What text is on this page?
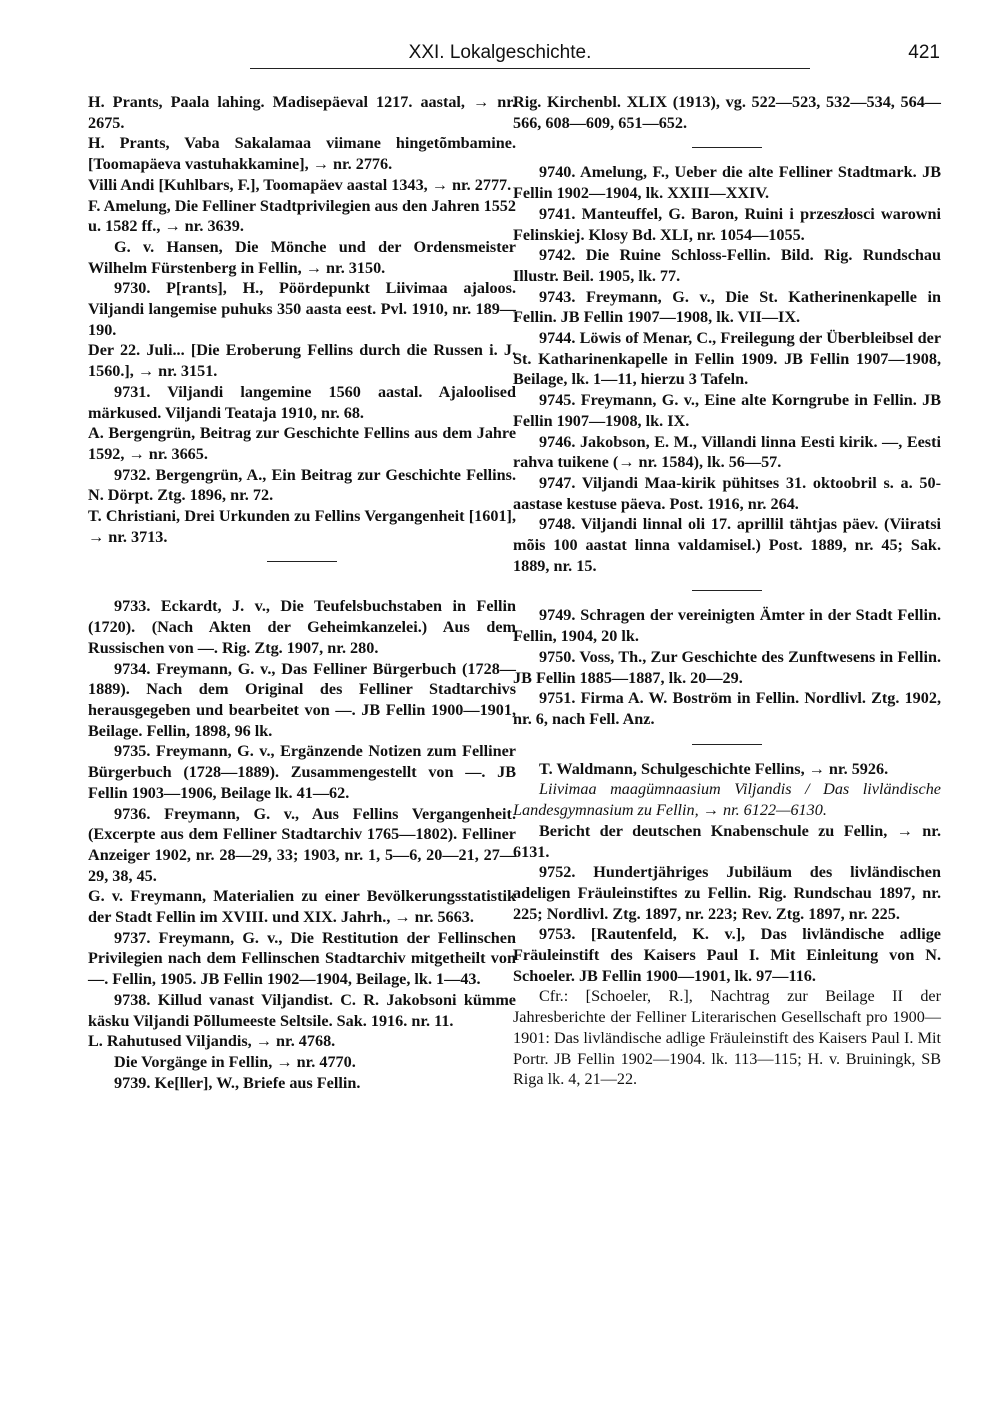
XXI. Lokalgeschichte.	421

H. Prants, Paala lahing. Madisepäeval 1217. aastal, → nr. 2675.

H. Prants, Vaba Sakalamaa viimane hingetõmbamine. [Toomapäeva vastuhakkamine], → nr. 2776.

Villi Andi [Kuhlbars, F.], Toomapäev aastal 1343, → nr. 2777.

F. Amelung, Die Felliner Stadtprivilegien aus den Jahren 1552 u. 1582 ff., → nr. 3639.

G. v. Hansen, Die Mönche und der Ordensmeister Wilhelm Fürstenberg in Fellin, → nr. 3150.

9730. P[rants], H., Pöördepunkt Liivimaa ajaloos. Viljandi langemise puhuks 350 aasta eest. Pvl. 1910, nr. 189—190.

Der 22. Juli... [Die Eroberung Fellins durch die Russen i. J. 1560.], → nr. 3151.

9731. Viljandi langemine 1560 aastal. Ajaloolised märkused. Viljandi Teataja 1910, nr. 68.

A. Bergengrün, Beitrag zur Geschichte Fellins aus dem Jahre 1592, → nr. 3665.

9732. Bergengrün, A., Ein Beitrag zur Geschichte Fellins. N. Dörpt. Ztg. 1896, nr. 72.

T. Christiani, Drei Urkunden zu Fellins Vergangenheit [1601], → nr. 3713.

9733. Eckardt, J. v., Die Teufelsbuchstaben in Fellin (1720). (Nach Akten der Geheimkanzelei.) Aus dem Russischen von —. Rig. Ztg. 1907, nr. 280.

9734. Freymann, G. v., Das Felliner Bürgerbuch (1728—1889). Nach dem Original des Felliner Stadtarchivs herausgegeben und bearbeitet von —. JB Fellin 1900—1901, Beilage. Fellin, 1898, 96 lk.

9735. Freymann, G. v., Ergänzende Notizen zum Felliner Bürgerbuch (1728—1889). Zusammengestellt von —. JB Fellin 1903—1906, Beilage lk. 41—62.

9736. Freymann, G. v., Aus Fellins Vergangenheit. (Excerpte aus dem Felliner Stadtarchiv 1765—1802). Felliner Anzeiger 1902, nr. 28—29, 33; 1903, nr. 1, 5—6, 20—21, 27—29, 38, 45.

G. v. Freymann, Materialien zu einer Bevölkerungsstatistik der Stadt Fellin im XVIII. und XIX. Jahrh., → nr. 5663.

9737. Freymann, G. v., Die Restitution der Fellinschen Privilegien nach dem Fellinschen Stadtarchiv mitgetheilt von —. Fellin, 1905. JB Fellin 1902—1904, Beilage, lk. 1—43.

9738. Killud vanast Viljandist. C. R. Jakobsoni kümme käsku Viljandi Põllumeeste Seltsile. Sak. 1916. nr. 11.

L. Rahutused Viljandis, → nr. 4768.

Die Vorgänge in Fellin, → nr. 4770.

9739. Ke[ller], W., Briefe aus Fellin.

Rig. Kirchenbl. XLIX (1913), vg. 522—523, 532—534, 564—566, 608—609, 651—652.

9740. Amelung, F., Ueber die alte Felliner Stadtmark. JB Fellin 1902—1904, lk. XXIII—XXIV.

9741. Manteuffel, G. Baron, Ruini i przeszłosci warowni Felinskiej. Klosy Bd. XLI, nr. 1054—1055.

9742. Die Ruine Schloss-Fellin. Bild. Rig. Rundschau Illustr. Beil. 1905, lk. 77.

9743. Freymann, G. v., Die St. Katherinenkapelle in Fellin. JB Fellin 1907—1908, lk. VII—IX.

9744. Löwis of Menar, C., Freilegung der Überbleibsel der St. Katharinenkapelle in Fellin 1909. JB Fellin 1907—1908, Beilage, lk. 1—11, hierzu 3 Tafeln.

9745. Freymann, G. v., Eine alte Korngrube in Fellin. JB Fellin 1907—1908, lk. IX.

9746. Jakobson, E. M., Villandi linna Eesti kirik. —, Eesti rahva tuikene (→ nr. 1584), lk. 56—57.

9747. Viljandi Maa-kirik pühitses 31. oktoobril s. a. 50-aastase kestuse päeva. Post. 1916, nr. 264.

9748. Viljandi linnal oli 17. aprillil tähtjas päev. (Viiratsi mõis 100 aastat linna valdamisel.) Post. 1889, nr. 45; Sak. 1889, nr. 15.

9749. Schragen der vereinigten Ämter in der Stadt Fellin. Fellin, 1904, 20 lk.

9750. Voss, Th., Zur Geschichte des Zunftwesens in Fellin. JB Fellin 1885—1887, lk. 20—29.

9751. Firma A. W. Boström in Fellin. Nordlivl. Ztg. 1902, nr. 6, nach Fell. Anz.

T. Waldmann, Schulgeschichte Fellins, → nr. 5926.

Liivimaa maagümnaasium Viljandis / Das livländische Landesgymnasium zu Fellin, → nr. 6122—6130.

Bericht der deutschen Knabenschule zu Fellin, → nr. 6131.

9752. Hundertjähriges Jubiläum des livländischen adeligen Fräuleinstiftes zu Fellin. Rig. Rundschau 1897, nr. 225; Nordlivl. Ztg. 1897, nr. 223; Rev. Ztg. 1897, nr. 225.

9753. [Rautenfeld, K. v.], Das livländische adlige Fräuleinstift des Kaisers Paul I. Mit Einleitung von N. Schoeler. JB Fellin 1900—1901, lk. 97—116.

Cfr.: [Schoeler, R.], Nachtrag zur Beilage II der Jahresberichte der Felliner Literarischen Gesellschaft pro 1900—1901: Das livländische adlige Fräuleinstift des Kaisers Paul I. Mit Portr. JB Fellin 1902—1904. lk. 113—115; H. v. Bruiningk, SB Riga lk. 4, 21—22.
